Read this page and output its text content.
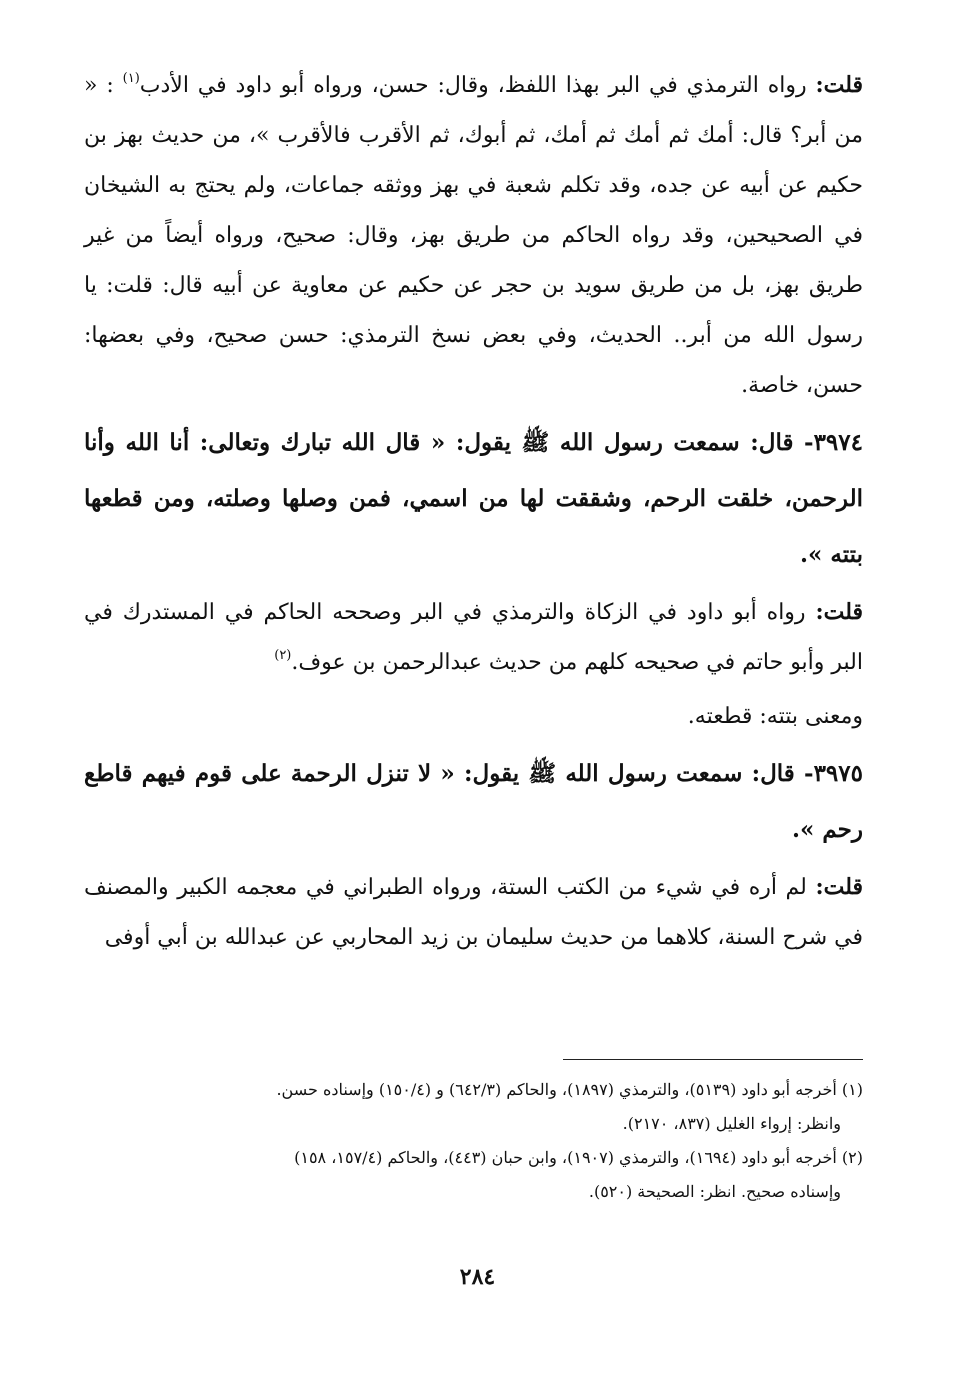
قلت: رواه الترمذي في البر بهذا اللفظ، وقال: حسن، ورواه أبو داود في الأدب$^{(١)}$ : « من أبر؟ قال: أمك ثم أمك ثم أمك، ثم أبوك، ثم الأقرب فالأقرب »، من حديث بهز بن حكيم عن أبيه عن جده، وقد تكلم شعبة في بهز ووثقه جماعات، ولم يحتج به الشيخان في الصحيحين، وقد رواه الحاكم من طريق بهز، وقال: صحيح، ورواه أيضاً من غير طريق بهز، بل من طريق سويد بن حجر عن حكيم عن معاوية عن أبيه قال: قلت: يا رسول الله من أبر.. الحديث، وفي بعض نسخ الترمذي: حسن صحيح، وفي بعضها: حسن، خاصة.

٣٩٧٤- قال: سمعت رسول الله ﷺ يقول: « قال الله تبارك وتعالى: أنا الله وأنا الرحمن، خلقت الرحم، وشققت لها من اسمي، فمن وصلها وصلته، ومن قطعها بتته ».

قلت: رواه أبو داود في الزكاة والترمذي في البر وصححه الحاكم في المستدرك في البر وأبو حاتم في صحيحه كلهم من حديث عبدالرحمن بن عوف.$^{(٢)}$

ومعنى بتته: قطعته.

٣٩٧٥- قال: سمعت رسول الله ﷺ يقول: « لا تنزل الرحمة على قوم فيهم قاطع رحم ».

قلت: لم أره في شيء من الكتب الستة، ورواه الطبراني في معجمه الكبير والمصنف في شرح السنة، كلاهما من حديث سليمان بن زيد المحاربي عن عبدالله بن أبي أوفى

(١) أخرجه أبو داود (٥١٣٩)، والترمذي (١٨٩٧)، والحاكم (٦٤٢/٣) و (١٥٠/٤) وإسناده حسن.

وانظر: إرواء الغليل (٨٣٧، ٢١٧٠).

(٢) أخرجه أبو داود (١٦٩٤)، والترمذي (١٩٠٧)، وابن حبان (٤٤٣)، والحاكم (١٥٧/٤، ١٥٨)

وإسناده صحيح. انظر: الصحيحة (٥٢٠).

٢٨٤
